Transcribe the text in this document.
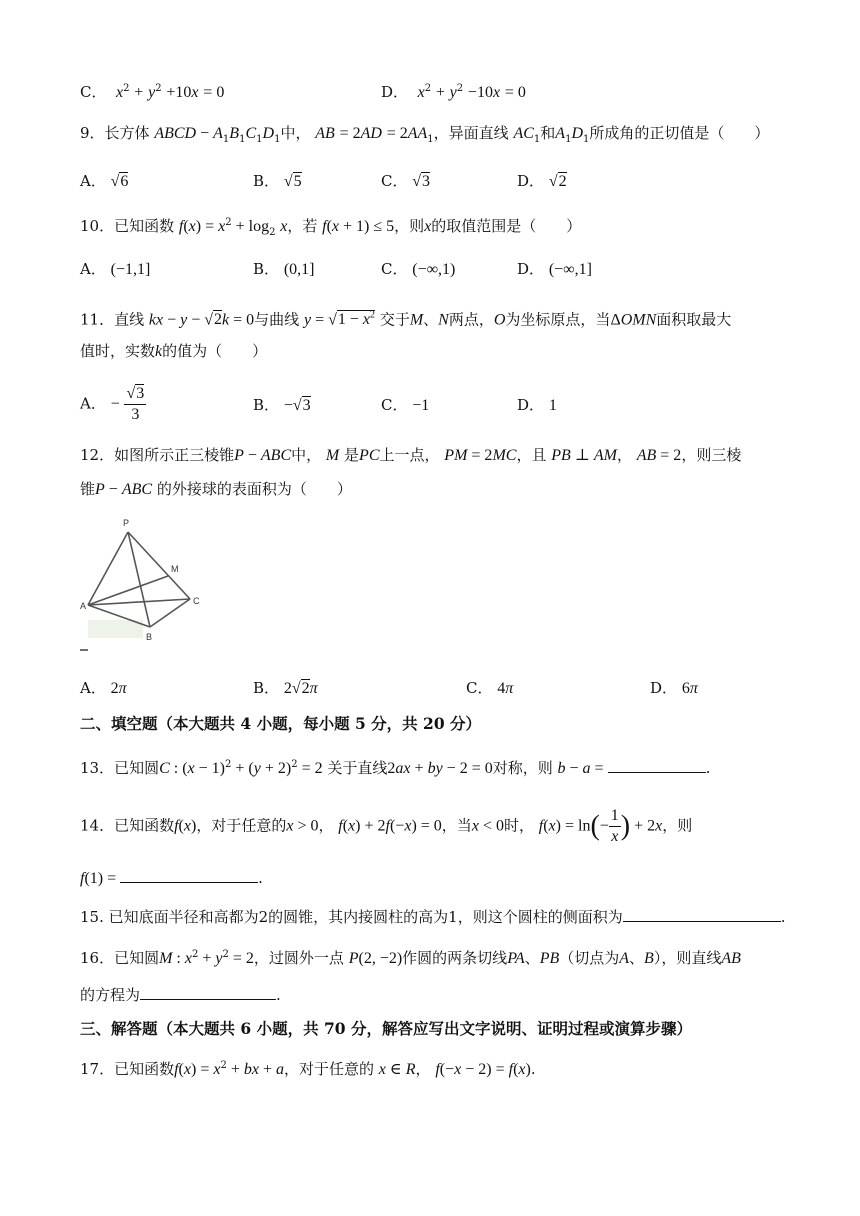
C． $x^2 + y^2 +10x = 0$	D． $x^2 + y^2 -10x = 0$
9．长方体 ABCD − $A_1B_1C_1D_1$中， AB = $2AD = 2AA_1$，异面直线 $AC_1$和$A_1D_1$所成角的正切值是（　　）
A． √6	B． √5	C． √3	D． √2
10．已知函数 $f(x) = x^2 + \log_2 x$，若 f(x + 1) ≤ 5，则x的取值范围是（　　）
A． (−1,1]	B． (0,1]	C． (−∞,1)	D． (−∞,1]
11．直线 kx − y − √2k = 0与曲线 $y = √1 - x^2$ 交于M、N两点，O为坐标原点，当ΔOMN面积取最大
值时，实数k的值为（　　）
A． − $\frac{√3}{3}$	B． −√3	C． −1	D． 1
12．如图所示正三棱锥P − ABC中， M 是PC上一点， PM = 2MC，且 PB ⊥ AM， AB = 2，则三棱
锥P − ABC 的外接球的表面积为（　　）
P
M
A	C
B
A． 2π	B． 2√2π	C． 4π	D． 6π
二、填空题（本大题共 4 小题，每小题 5 分，共 20 分）
13．已知圆C : $(x - 1)^2 + (y + 2)^2 = 2$ 关于直线2ax + by − 2 = 0对称，则 b − a =	.
14．已知函数f(x)，对于任意的x > 0， f(x) + 2f(−x) = 0，当x < 0时， $f(x) = \ln(- \frac{1}{x}$ ) + 2x，则
f(1) =	.
15. 已知底面半径和高都为2的圆锥，其内接圆柱的高为1，则这个圆柱的侧面积为	.
16．已知圆M : $x^2 + y^2 = 2$，过圆外一点 P(2, −2)作圆的两条切线PA、PB（切点为A、B），则直线AB
的方程为	.
三、解答题（本大题共 6 小题，共 70 分，解答应写出文字说明、证明过程或演算步骤）
17．已知函数$f(x) = x^2$ + bx + a，对于任意的 x ∈ R， f(−x − 2) = f(x).
